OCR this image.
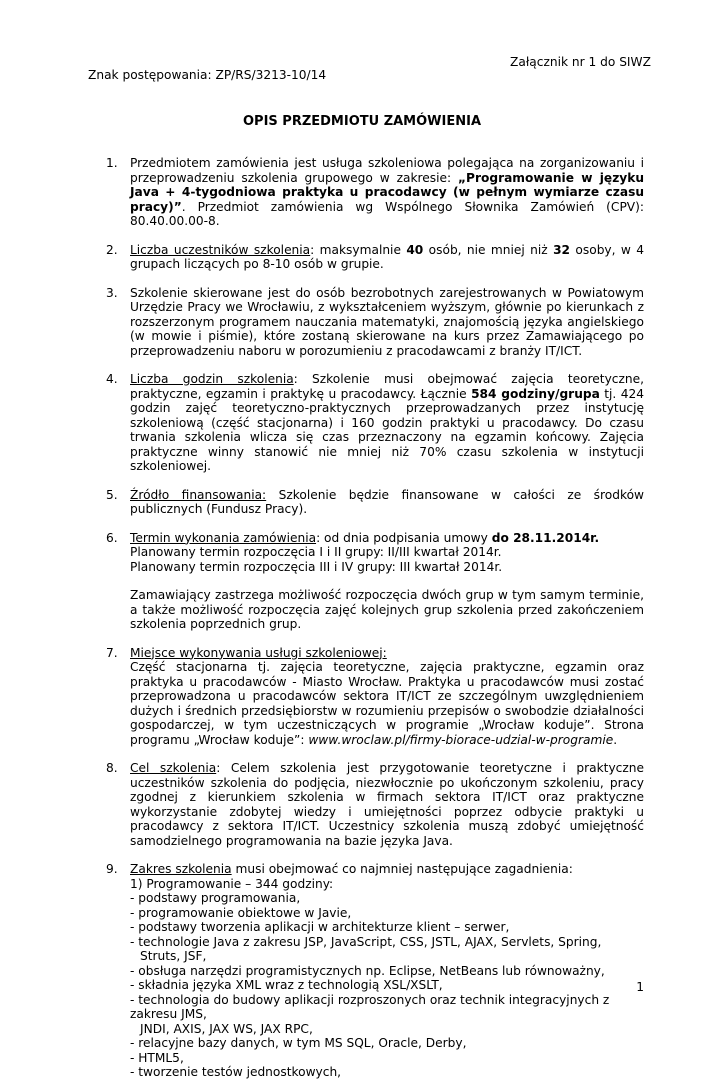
Załącznik nr 1 do SIWZ
Znak postępowania: ZP/RS/3213-10/14
OPIS PRZEDMIOTU ZAMÓWIENIA
1. Przedmiotem zamówienia jest usługa szkoleniowa polegająca na zorganizowaniu i przeprowadzeniu szkolenia grupowego w zakresie: „Programowanie w języku Java + 4-tygodniowa praktyka u pracodawcy (w pełnym wymiarze czasu pracy)”. Przedmiot zamówienia wg Wspólnego Słownika Zamówień (CPV): 80.40.00.00-8.
2. Liczba uczestników szkolenia: maksymalnie 40 osób, nie mniej niż 32 osoby, w 4 grupach liczących po 8-10 osób w grupie.
3. Szkolenie skierowane jest do osób bezrobotnych zarejestrowanych w Powiatowym Urzędzie Pracy we Wrocławiu, z wykształceniem wyższym, głównie po kierunkach z rozszerzonym programem nauczania matematyki, znajomością języka angielskiego (w mowie i piśmie), które zostaną skierowane na kurs przez Zamawiającego po przeprowadzeniu naboru w porozumieniu z pracodawcami z branży IT/ICT.
4. Liczba godzin szkolenia: Szkolenie musi obejmować zajęcia teoretyczne, praktyczne, egzamin i praktykę u pracodawcy. Łącznie 584 godziny/grupa tj. 424 godzin zajęć teoretyczno-praktycznych przeprowadzanych przez instytucję szkoleniową (część stacjonarna) i 160 godzin praktyki u pracodawcy. Do czasu trwania szkolenia wlicza się czas przeznaczony na egzamin końcowy. Zajęcia praktyczne winny stanowić nie mniej niż 70% czasu szkolenia w instytucji szkoleniowej.
5. Źródło finansowania: Szkolenie będzie finansowane w całości ze środków publicznych (Fundusz Pracy).
6. Termin wykonania zamówienia: od dnia podpisania umowy do 28.11.2014r.
Planowany termin rozpoczęcia I i II grupy: II/III kwartał 2014r.
Planowany termin rozpoczęcia III i IV grupy: III kwartał 2014r.
Zamawiający zastrzega możliwość rozpoczęcia dwóch grup w tym samym terminie, a także możliwość rozpoczęcia zajęć kolejnych grup szkolenia przed zakończeniem szkolenia poprzednich grup.
7. Miejsce wykonywania usługi szkoleniowej:
Część stacjonarna tj. zajęcia teoretyczne, zajęcia praktyczne, egzamin oraz praktyka u pracodawców - Miasto Wrocław. Praktyka u pracodawców musi zostać przeprowadzona u pracodawców sektora IT/ICT ze szczególnym uwzględnieniem dużych i średnich przedsiębiorstw w rozumieniu przepisów o swobodzie działalności gospodarczej, w tym uczestniczących w programie „Wrocław koduje”. Strona programu „Wrocław koduje”: www.wroclaw.pl/firmy-biorace-udzial-w-programie.
8. Cel szkolenia: Celem szkolenia jest przygotowanie teoretyczne i praktyczne uczestników szkolenia do podjęcia, niezwłocznie po ukończonym szkoleniu, pracy zgodnej z kierunkiem szkolenia w firmach sektora IT/ICT oraz praktyczne wykorzystanie zdobytej wiedzy i umiejętności poprzez odbycie praktyki u pracodawcy z sektora IT/ICT. Uczestnicy szkolenia muszą zdobyć umiejętność samodzielnego programowania na bazie języka Java.
9. Zakres szkolenia musi obejmować co najmniej następujące zagadnienia:
1) Programowanie – 344 godziny:
- podstawy programowania,
- programowanie obiektowe w Javie,
- podstawy tworzenia aplikacji w architekturze klient – serwer,
- technologie Java z zakresu JSP, JavaScript, CSS, JSTL, AJAX, Servlets, Spring,
Struts, JSF,
- obsługa narzędzi programistycznych np. Eclipse, NetBeans lub równoważny,
- składnia języka XML wraz z technologią XSL/XSLT,
- technologia do budowy aplikacji rozproszonych oraz technik integracyjnych z zakresu JMS,
JNDI, AXIS, JAX WS, JAX RPC,
- relacyjne bazy danych, w tym MS SQL, Oracle, Derby,
- HTML5,
- tworzenie testów jednostkowych,
1
